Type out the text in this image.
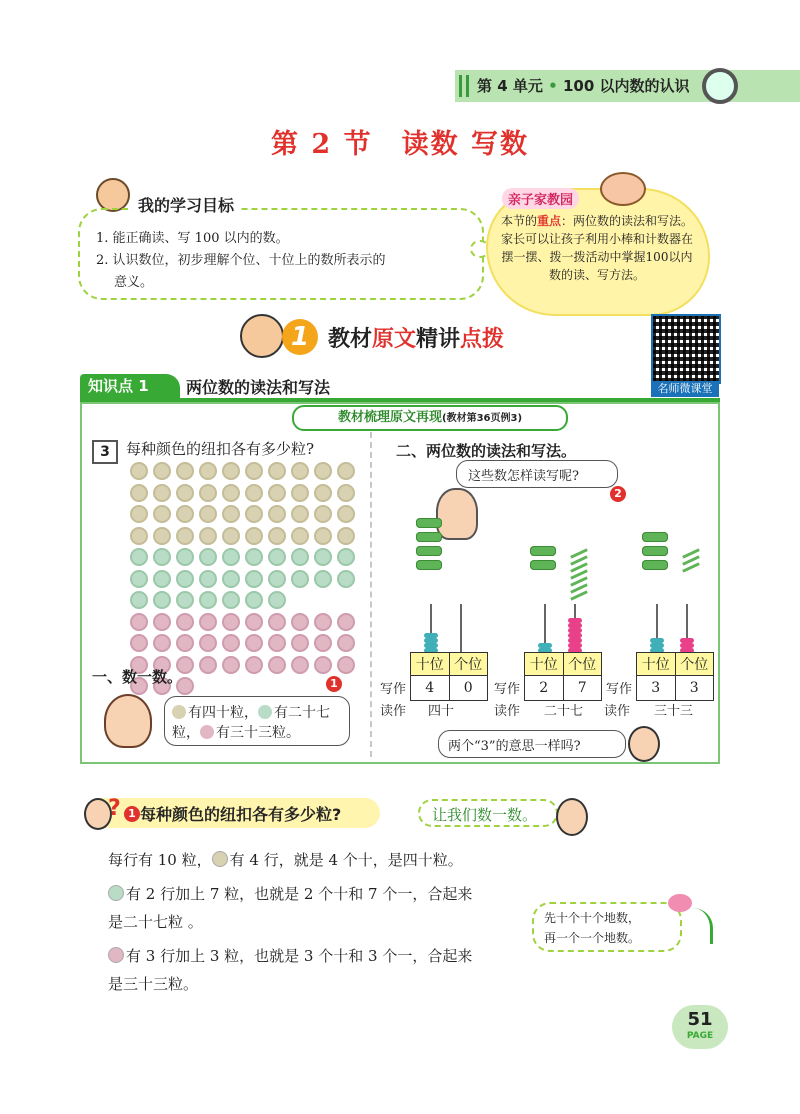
第 4 单元 • 100 以内数的认识
第 2 节　读数 写数
我的学习目标
1. 能正确读、写 100 以内的数。
2. 认识数位，初步理解个位、十位上的数所表示的
意义。
亲子家教园
本节的重点：两位数的读法和写法。家长可以让孩子利用小棒和计数器在摆一摆、拨一拨活动中掌握100以内数的读、写方法。
1 教材原文精讲点拨
名师微课堂
知识点 1	两位数的读法和写法
教材梳理原文再现(教材第36页例3)
3	每种颜色的纽扣各有多少粒?
一、数一数。	1
有四十粒， 有二十七
粒， 有三十三粒。
二、两位数的读法和写法。
这些数怎样读写呢?
2
十位	个位
4	0
十位	个位
2	7
十位	个位
3	3
写作	写作	写作
读作 四十	读作 二十七 读作 三十三
两个“3”的意思一样吗?
? 1 每种颜色的纽扣各有多少粒?	让我们数一数。
每行有 10 粒， 有 4 行，就是 4 个十，是四十粒。
有 2 行加上 7 粒，也就是 2 个十和 7 个一，合起来
是二十七粒 。
有 3 行加上 3 粒，也就是 3 个十和 3 个一，合起来
是三十三粒。
先十个十个地数，
再一个一个地数。
51
PAGE
